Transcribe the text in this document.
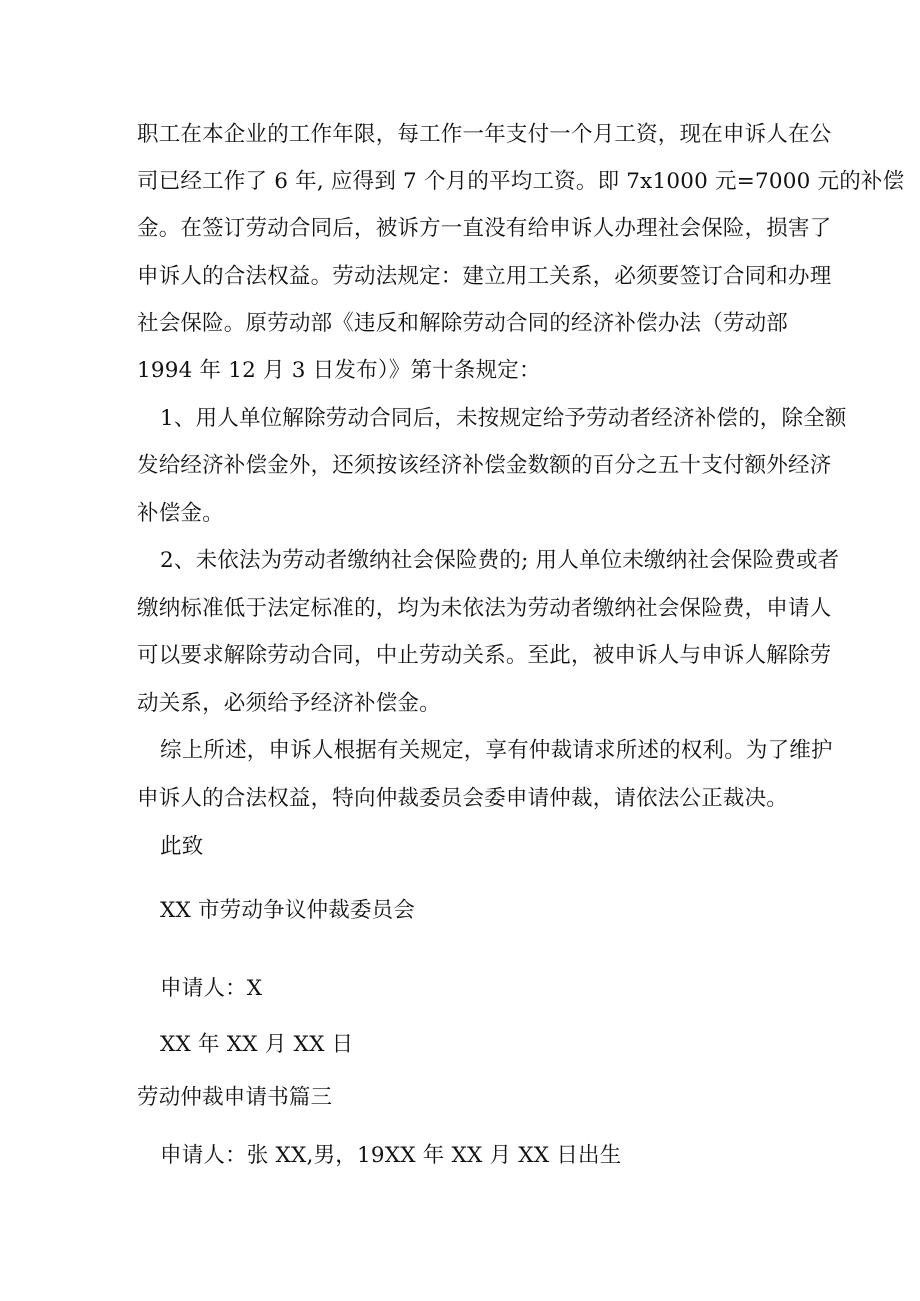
职工在本企业的工作年限，每工作一年支付一个月工资，现在申诉人在公
司已经工作了 6 年, 应得到 7 个月的平均工资。即 7x1000 元=7000 元的补偿
金。在签订劳动合同后，被诉方一直没有给申诉人办理社会保险，损害了
申诉人的合法权益。劳动法规定：建立用工关系，必须要签订合同和办理
社会保险。原劳动部《违反和解除劳动合同的经济补偿办法（劳动部
1994 年 12 月 3 日发布）》第十条规定：
1、用人单位解除劳动合同后，未按规定给予劳动者经济补偿的，除全额
发给经济补偿金外，还须按该经济补偿金数额的百分之五十支付额外经济
补偿金。
2、未依法为劳动者缴纳社会保险费的; 用人单位未缴纳社会保险费或者
缴纳标准低于法定标准的，均为未依法为劳动者缴纳社会保险费，申请人
可以要求解除劳动合同，中止劳动关系。至此，被申诉人与申诉人解除劳
动关系，必须给予经济补偿金。
综上所述，申诉人根据有关规定，享有仲裁请求所述的权利。为了维护
申诉人的合法权益，特向仲裁委员会委申请仲裁，请依法公正裁决。
此致
XX 市劳动争议仲裁委员会
申请人：X
XX 年 XX 月 XX 日
劳动仲裁申请书篇三
申请人：张 XX,男，19XX 年 XX 月 XX 日出生
